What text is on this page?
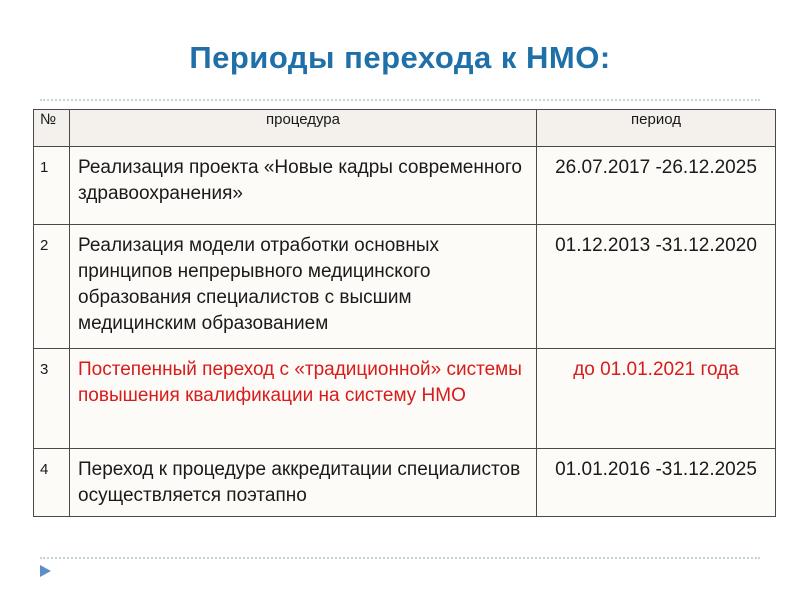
Периоды перехода к НМО:
№	процедура	период
1	Реализация проекта «Новые кадры современного здравоохранения»	26.07.2017 -26.12.2025
2	Реализация модели отработки основных принципов непрерывного медицинского образования специалистов с высшим медицинским образованием	01.12.2013 -31.12.2020
3	Постепенный переход с «традиционной» системы повышения квалификации на систему НМО	до 01.01.2021 года
4	Переход к процедуре аккредитации специалистов осуществляется поэтапно	01.01.2016 -31.12.2025
